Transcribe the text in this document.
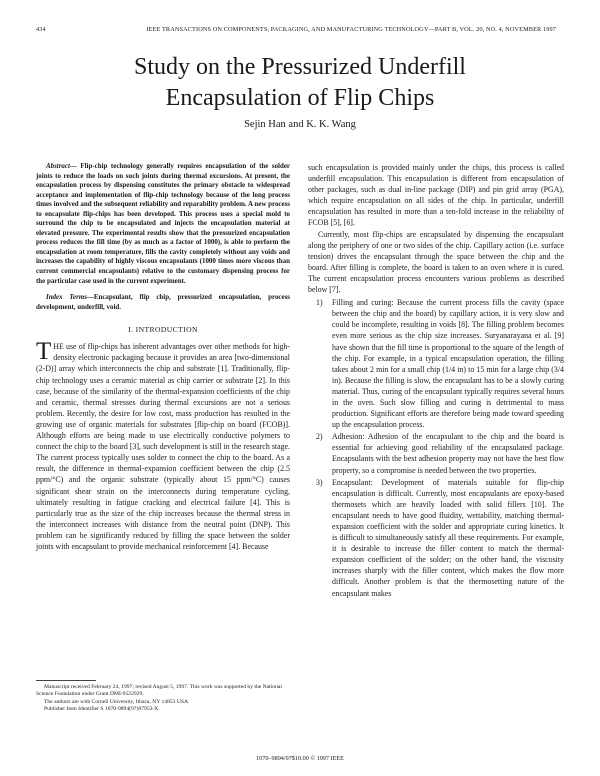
434	IEEE TRANSACTIONS ON COMPONENTS, PACKAGING, AND MANUFACTURING TECHNOLOGY—PART B, VOL. 20, NO. 4, NOVEMBER 1997
Study on the Pressurized Underfill
Encapsulation of Flip Chips
Sejin Han and K. K. Wang

Abstract— Flip-chip technology generally requires encapsulation of the solder joints to reduce the loads on such joints during thermal excursions. At present, the encapsulation process by dispensing constitutes the primary obstacle to widespread acceptance and implementation of flip-chip technology because of the long process times involved and the subsequent reliability and reparability problem. A new process to encapsulate flip-chips has been developed. This process uses a special mold to surround the chip to be encapsulated and injects the encapsulation material at elevated pressure. The experimental results show that the pressurized encapsulation process reduces the fill time (by as much as a factor of 1000), is able to perform the encapsulation at room temperature, fills the cavity completely without any voids and increases the capability of highly viscous encapsulants (1000 times more viscous than current commercial encapsulants) relative to the customary dispensing process for the particular case used in the current experiment.

Index Terms—Encapsulant, flip chip, pressurized encapsulation, process development, underfill, void.

I. INTRODUCTION

THE use of flip-chips has inherent advantages over other methods for high-density electronic packaging because it provides an area [two-dimensional (2-D)] array which interconnects the chip and substrate [1]. Traditionally, flip-chip technology uses a ceramic material as chip carrier or substrate [2]. In this case, because of the similarity of the thermal-expansion coefficients of the chip and ceramic, thermal stresses during thermal excursions are not a serious problem. Recently, the desire for low cost, mass production has resulted in the growing use of organic materials for substrates [flip-chip on board (FCOB)]. Although efforts are being made to use electrically conductive polymers to connect the chip to the board [3], such development is still in the research stage. The current process typically uses solder to connect the chip to the board. As a result, the difference in thermal-expansion coefficient between the chip (2.5 ppm/°C) and the organic substrate (typically about 15 ppm/°C) causes significant shear strain on the interconnects during temperature cycling, ultimately resulting in fatigue cracking and electrical failure [4]. This is particularly true as the size of the chip increases because the thermal stress in the interconnect increases with distance from the neutral point (DNP). This problem can be significantly reduced by filling the space between the solder joints with encapsulant to provide mechanical reinforcement [4]. Because

such encapsulation is provided mainly under the chips, this process is called underfill encapsulation. This encapsulation is different from encapsulation of other packages, such as dual in-line package (DIP) and pin grid array (PGA), which require encapsulation on all sides of the chip. In particular, underfill encapsulation has resulted in more than a ten-fold increase in the reliability of FCOB [5], [6].

Currently, most flip-chips are encapsulated by dispensing the encapsulant along the periphery of one or two sides of the chip. Capillary action (i.e. surface tension) drives the encapsulant through the space between the chip and the board. After filling is complete, the board is taken to an oven where it is cured. The current encapsulation process encounters various problems as described below [7].

1) Filling and curing: Because the current process fills the cavity (space between the chip and the board) by capillary action, it is very slow and could be incomplete, resulting in voids [8]. The filling problem becomes even more serious as the chip size increases. Suryanarayana et al. [9] have shown that the fill time is proportional to the square of the length of the chip. For example, in a typical encapsulation operation, the filling takes about 2 min for a small chip (1/4 in) to 15 min for a large chip (3/4 in). Because the filling is slow, the encapsulant has to be a slowly curing material. Thus, curing of the encapsulant typically requires several hours in the oven. Such slow filling and curing is detrimental to mass production. Significant efforts are therefore being made toward speeding up the encapsulation process.
2) Adhesion: Adhesion of the encapsulant to the chip and the board is essential for achieving good reliability of the encapsulated package. Encapsulants with the best adhesion property may not have the best flow property, so a compromise is needed between the two properties.
3) Encapsulant: Development of materials suitable for flip-chip encapsulation is difficult. Currently, most encapsulants are epoxy-based thermosets which are heavily loaded with solid fillers [10]. The encapsulant needs to have good fluidity, wettability, matching thermal-expansion coefficient with the solder and appropriate curing kinetics. It is difficult to simultaneously satisfy all these requirements. For example, it is desirable to increase the filler content to match the thermal-expansion coefficient of the solder; on the other hand, the viscosity increases sharply with the filler content, which makes the flow more difficult. Another problem is that the thermosetting nature of the encapsulant makes

Manuscript received February 24, 1997; revised August 5, 1997. This work was supported by the National Science Foundation under Grant DMI-9522929.

The authors are with Cornell University, Ithaca, NY 14853 USA.

Publisher Item Identifier S 1070-9894(97)07953-X.

1070–9894/97$10.00 © 1997 IEEE
